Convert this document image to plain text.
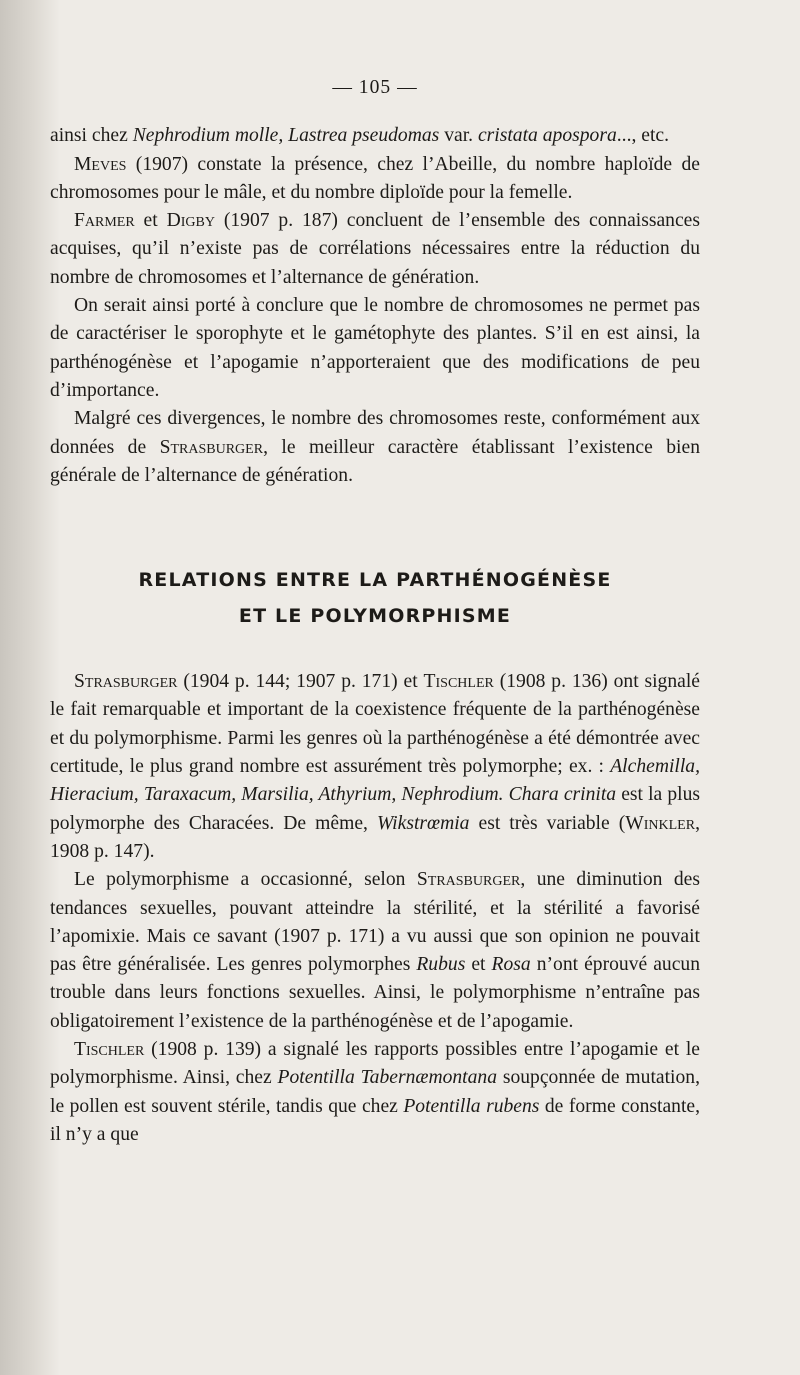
— 105 —

ainsi chez Nephrodium molle, Lastrea pseudomas var. cristata apospora..., etc.

Meves (1907) constate la présence, chez l’Abeille, du nombre haploïde de chromosomes pour le mâle, et du nombre diploïde pour la femelle.

Farmer et Digby (1907 p. 187) concluent de l’ensemble des connaissances acquises, qu’il n’existe pas de corrélations nécessaires entre la réduction du nombre de chromosomes et l’alternance de génération.

On serait ainsi porté à conclure que le nombre de chromosomes ne permet pas de caractériser le sporophyte et le gamétophyte des plantes. S’il en est ainsi, la parthénogénèse et l’apogamie n’apporteraient que des modifications de peu d’importance.

Malgré ces divergences, le nombre des chromosomes reste, conformément aux données de Strasburger, le meilleur caractère établissant l’existence bien générale de l’alternance de génération.

RELATIONS ENTRE LA PARTHÉNOGÉNÈSE
ET LE POLYMORPHISME

Strasburger (1904 p. 144; 1907 p. 171) et Tischler (1908 p. 136) ont signalé le fait remarquable et important de la coexistence fréquente de la parthénogénèse et du polymorphisme. Parmi les genres où la parthénogénèse a été démontrée avec certitude, le plus grand nombre est assurément très polymorphe; ex. : Alchemilla, Hieracium, Taraxacum, Marsilia, Athyrium, Nephrodium. Chara crinita est la plus polymorphe des Characées. De même, Wikstrœmia est très variable (Winkler, 1908 p. 147).

Le polymorphisme a occasionné, selon Strasburger, une diminution des tendances sexuelles, pouvant atteindre la stérilité, et la stérilité a favorisé l’apomixie. Mais ce savant (1907 p. 171) a vu aussi que son opinion ne pouvait pas être généralisée. Les genres polymorphes Rubus et Rosa n’ont éprouvé aucun trouble dans leurs fonctions sexuelles. Ainsi, le polymorphisme n’entraîne pas obligatoirement l’existence de la parthénogénèse et de l’apogamie.

Tischler (1908 p. 139) a signalé les rapports possibles entre l’apogamie et le polymorphisme. Ainsi, chez Potentilla Tabernæmontana soupçonnée de mutation, le pollen est souvent stérile, tandis que chez Potentilla rubens de forme constante, il n’y a que
